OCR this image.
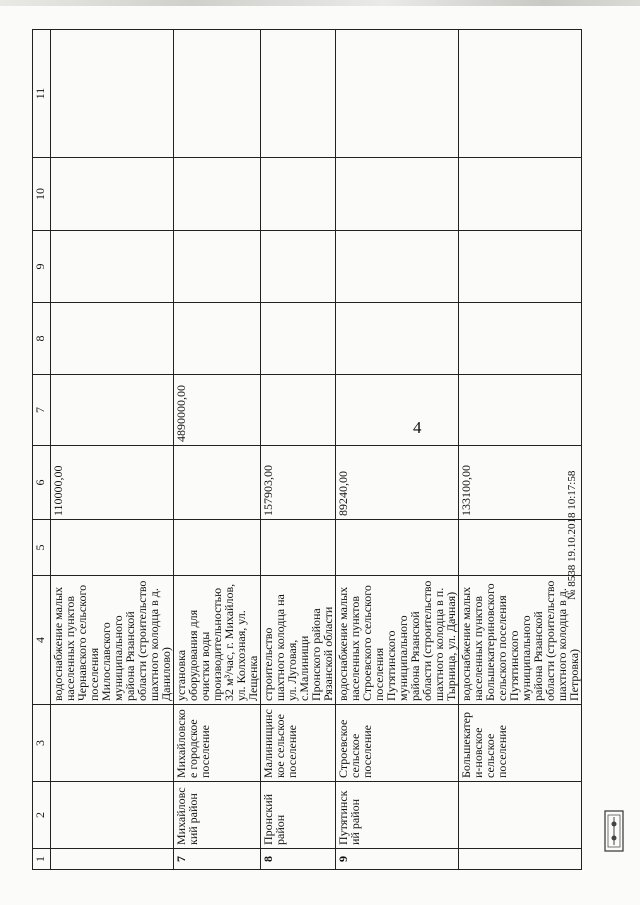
4
1	2	3	4	5	6	7	8	9	10	11
			водоснабжение малых населенных пунктов Чернавского сельского поселения Милославского муниципального района Рязанской области (строительство шахтного колодца в д. Данилово)		110000,00					
7	Михайловский район	Михайловское городское поселение	установка оборудования для очистки воды производительностью 32 м³/час, г. Михайлов, ул. Колхозная, ул. Лещенка			4890000,00				
8	Пронский район	Малинищинское сельское поселение	строительство шахтного колодца на ул. Луговая, с.Малинищи Пронского района Рязанской области		157903,00					
9	Путятинский район	Строевское сельское поселение	водоснабжение малых населенных пунктов Строевского сельского поселения Путятинского муниципального района Рязанской области (строительство шахтного колодца в п. Тырница, ул. Дачная)		89240,00					
		Большекатери-новское сельское поселение	водоснабжение малых населенных пунктов Большекатериновского сельского поселения Путятинского муниципального района Рязанской области (строительство шахтного колодца в д. Петровка)		133100,00						№ 8538 19.10.2018 10:17:58
